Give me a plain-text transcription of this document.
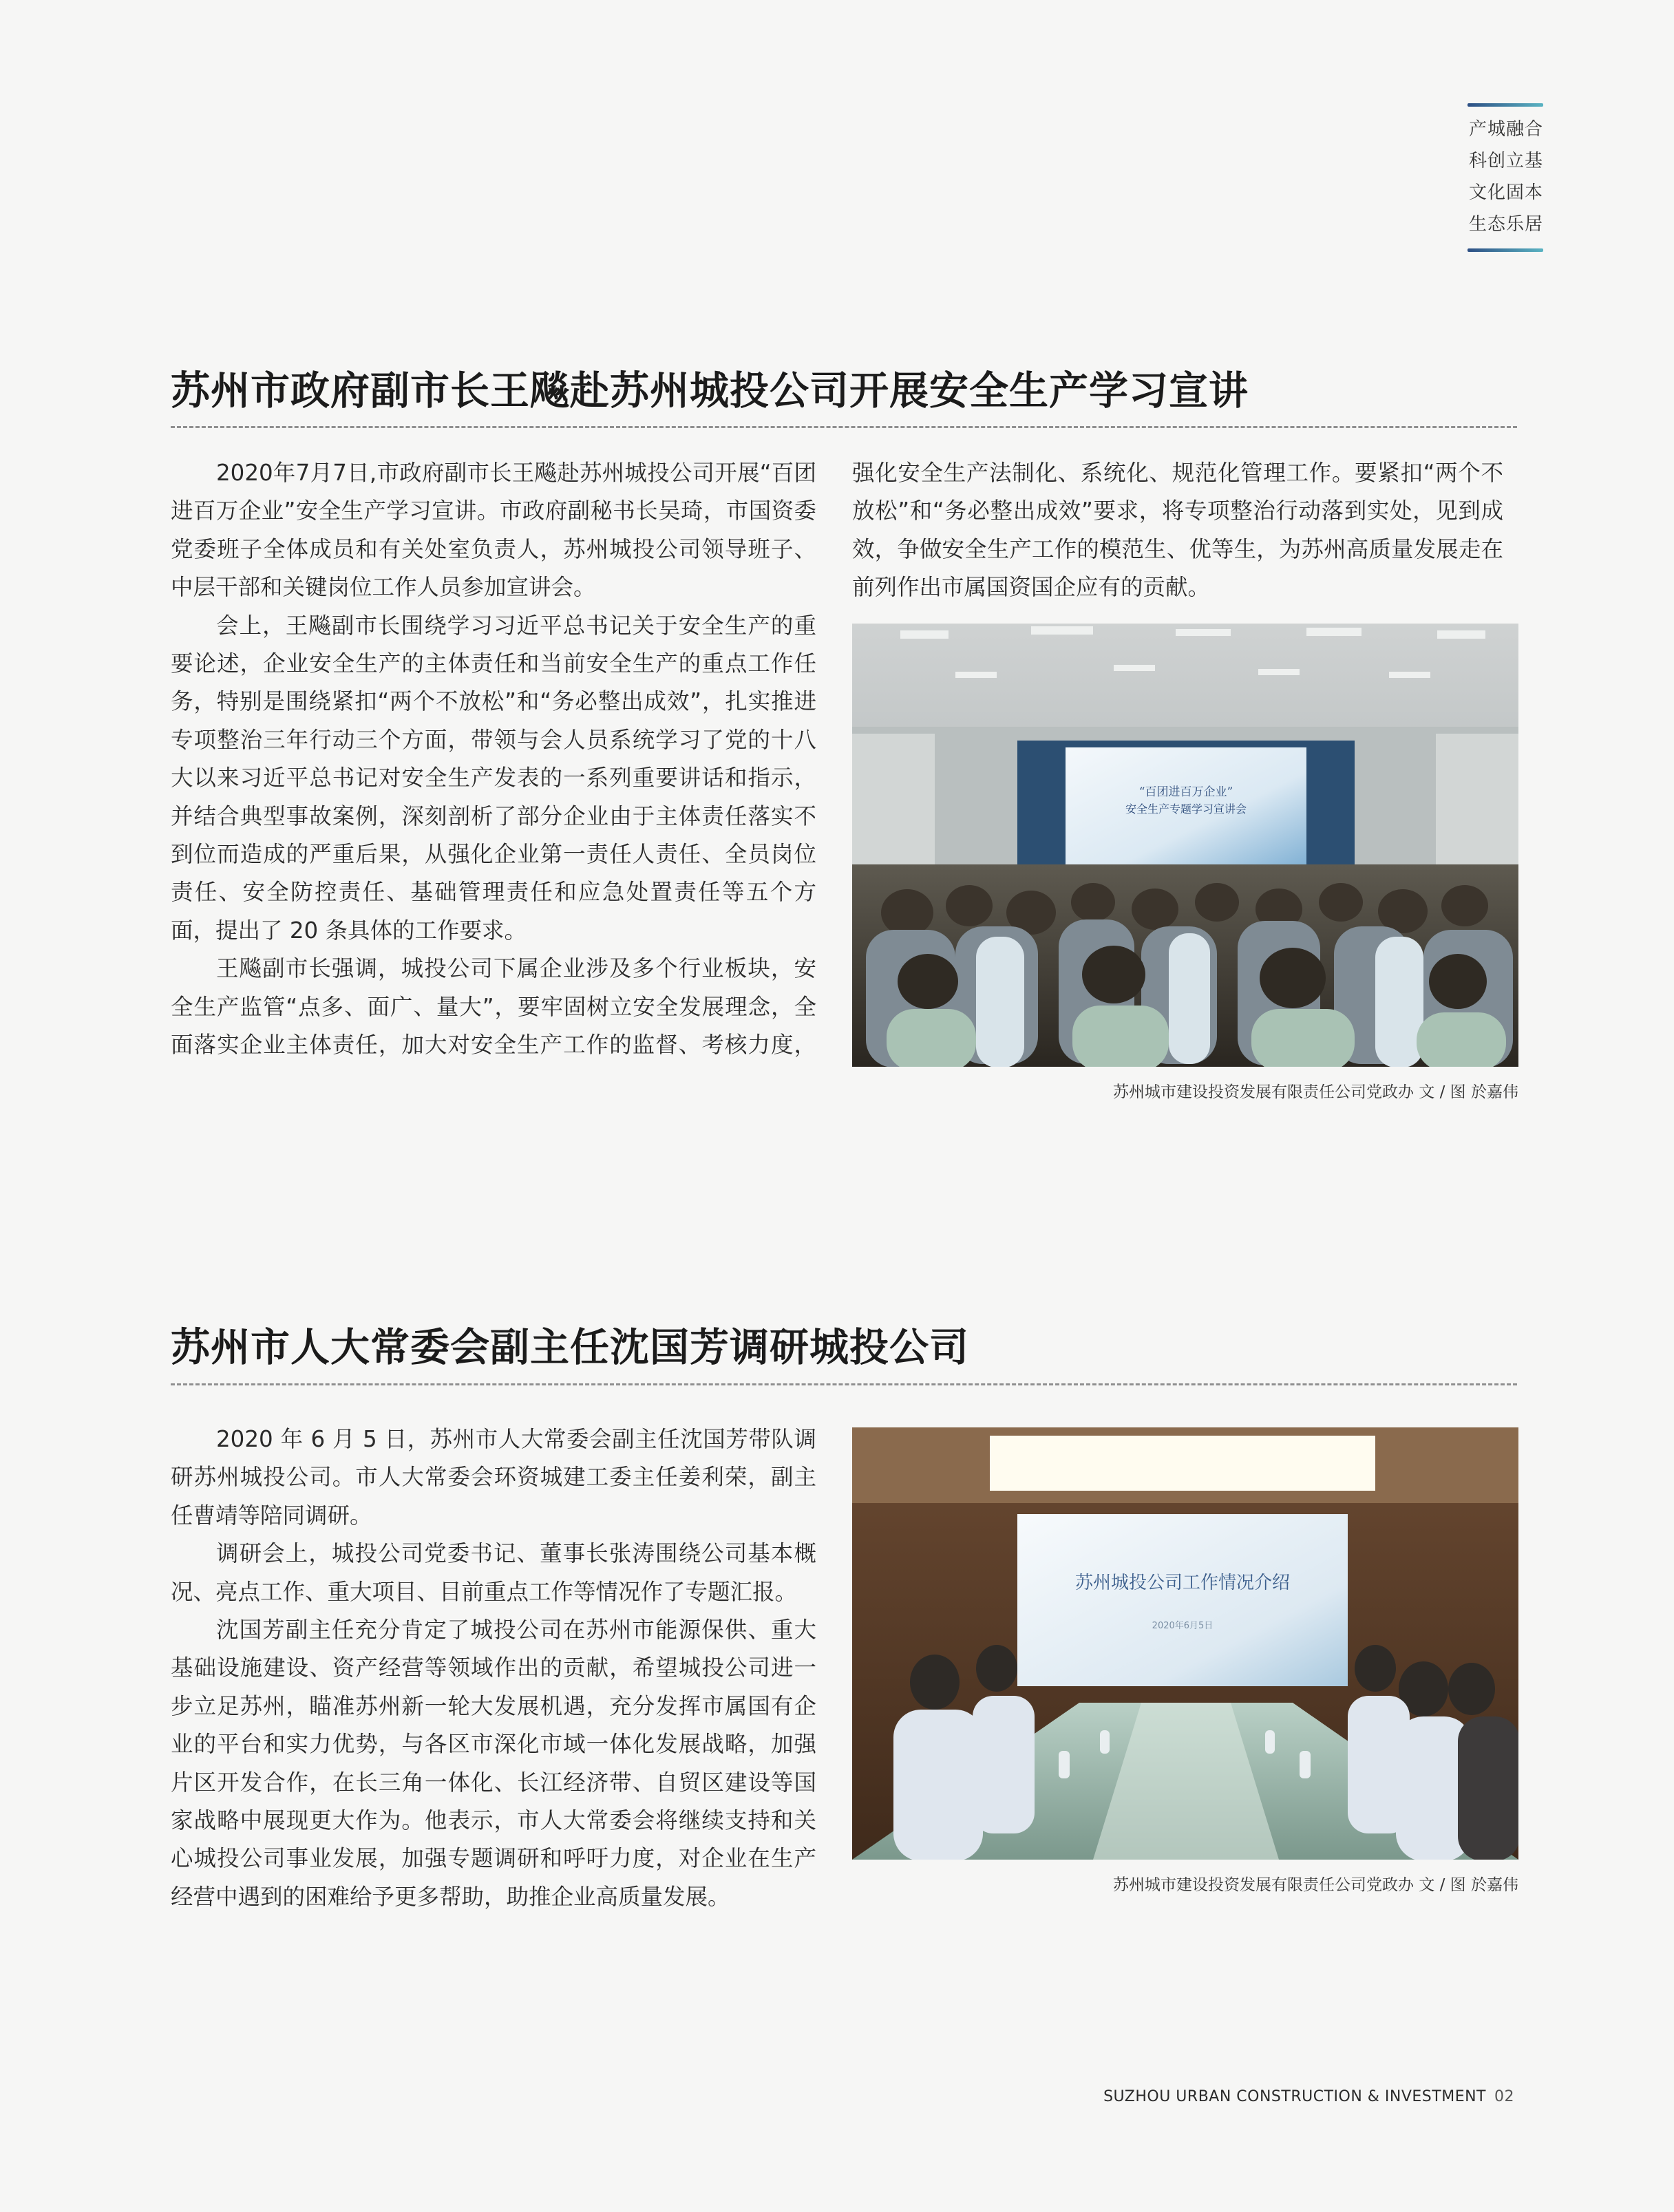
产城融合
科创立基
文化固本
生态乐居
苏州市政府副市长王飚赴苏州城投公司开展安全生产学习宣讲

2020年7月7日,市政府副市长王飚赴苏州城投公司开展“百团进百万企业”安全生产学习宣讲。市政府副秘书长吴琦，市国资委党委班子全体成员和有关处室负责人，苏州城投公司领导班子、中层干部和关键岗位工作人员参加宣讲会。

会上，王飚副市长围绕学习习近平总书记关于安全生产的重要论述，企业安全生产的主体责任和当前安全生产的重点工作任务，特别是围绕紧扣“两个不放松”和“务必整出成效”，扎实推进专项整治三年行动三个方面，带领与会人员系统学习了党的十八大以来习近平总书记对安全生产发表的一系列重要讲话和指示，并结合典型事故案例，深刻剖析了部分企业由于主体责任落实不到位而造成的严重后果，从强化企业第一责任人责任、全员岗位责任、安全防控责任、基础管理责任和应急处置责任等五个方面，提出了 20 条具体的工作要求。

王飚副市长强调，城投公司下属企业涉及多个行业板块，安全生产监管“点多、面广、量大”，要牢固树立安全发展理念，全面落实企业主体责任，加大对安全生产工作的监督、考核力度，

强化安全生产法制化、系统化、规范化管理工作。要紧扣“两个不放松”和“务必整出成效”要求，将专项整治行动落到实处，见到成效，争做安全生产工作的模范生、优等生，为苏州高质量发展走在前列作出市属国资国企应有的贡献。

“百团进百万企业”
安全生产专题学习宣讲会
苏州城市建设投资发展有限责任公司党政办 文 / 图 於嘉伟
苏州市人大常委会副主任沈国芳调研城投公司

2020 年 6 月 5 日，苏州市人大常委会副主任沈国芳带队调研苏州城投公司。市人大常委会环资城建工委主任姜利荣，副主任曹靖等陪同调研。

调研会上，城投公司党委书记、董事长张涛围绕公司基本概况、亮点工作、重大项目、目前重点工作等情况作了专题汇报。

沈国芳副主任充分肯定了城投公司在苏州市能源保供、重大基础设施建设、资产经营等领域作出的贡献，希望城投公司进一步立足苏州，瞄准苏州新一轮大发展机遇，充分发挥市属国有企业的平台和实力优势，与各区市深化市域一体化发展战略，加强片区开发合作，在长三角一体化、长江经济带、自贸区建设等国家战略中展现更大作为。他表示，市人大常委会将继续支持和关心城投公司事业发展，加强专题调研和呼吁力度，对企业在生产经营中遇到的困难给予更多帮助，助推企业高质量发展。

苏州城投公司工作情况介绍
2020年6月5日
苏州城市建设投资发展有限责任公司党政办 文 / 图 於嘉伟
SUZHOU URBAN CONSTRUCTION & INVESTMENT 02
